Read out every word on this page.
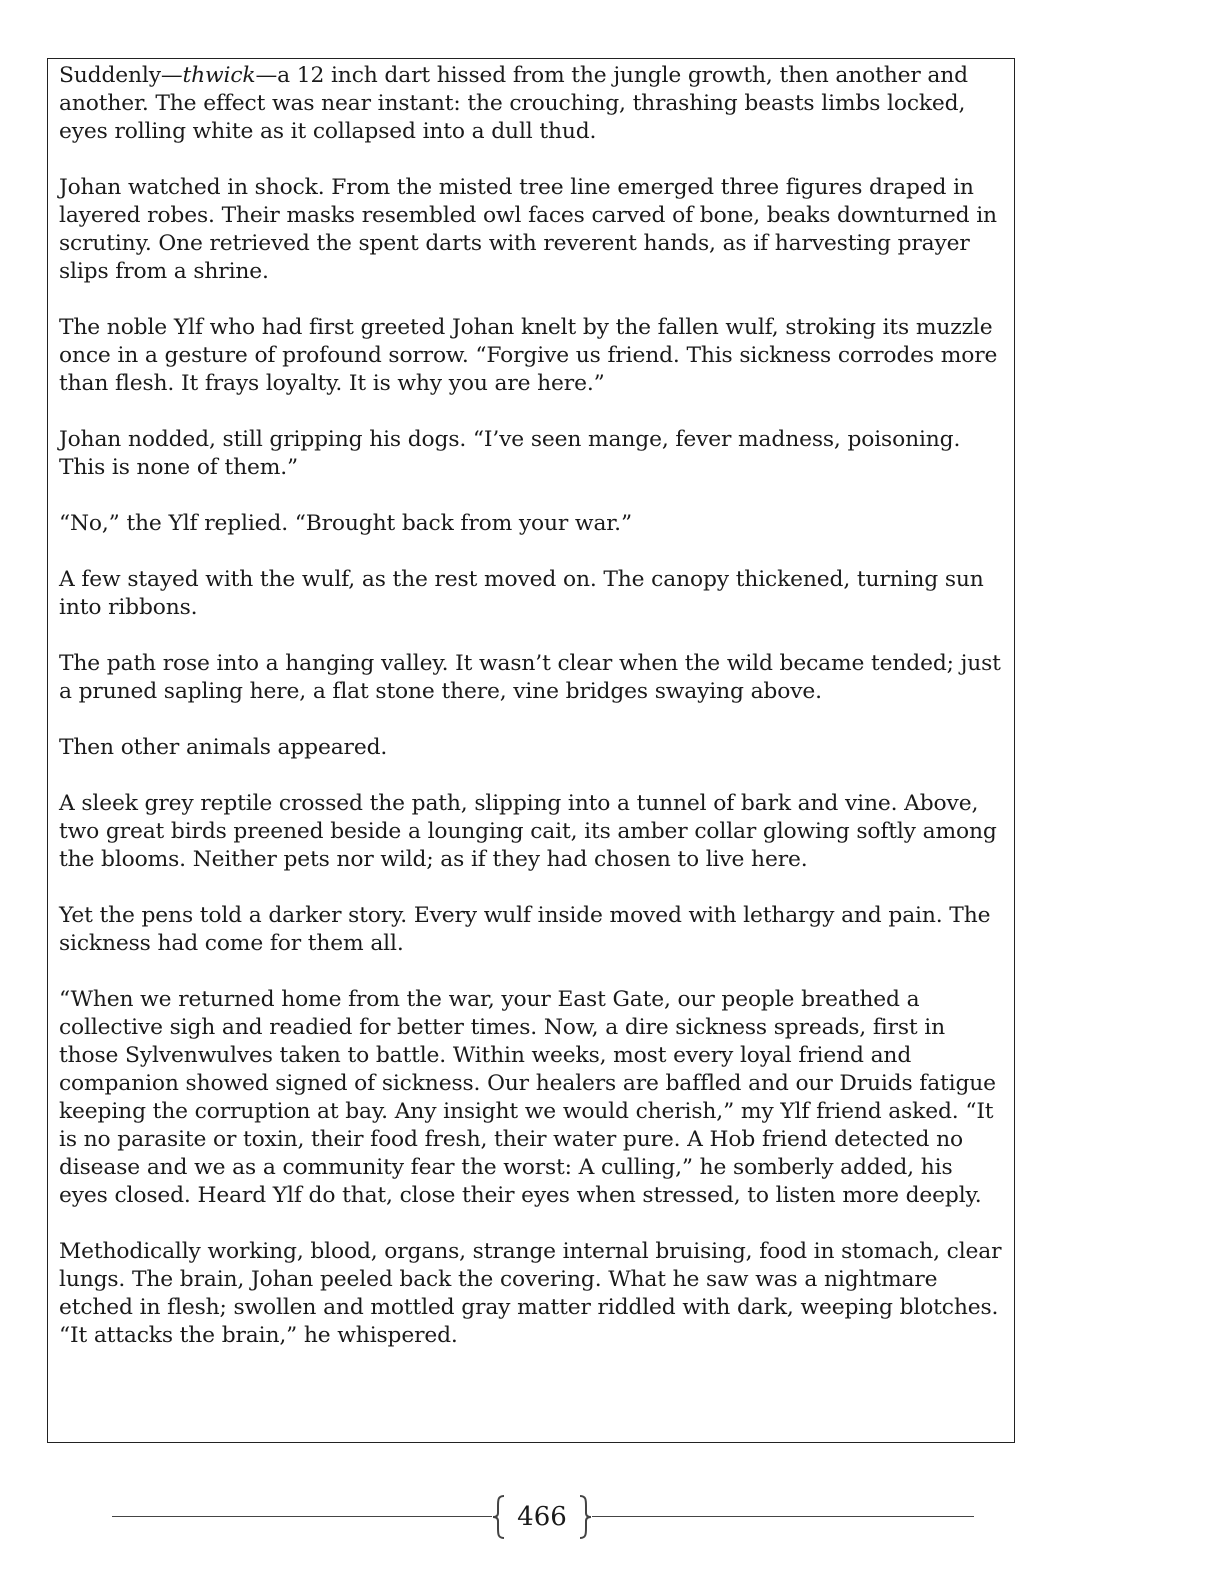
Suddenly—thwick—a 12 inch dart hissed from the jungle growth, then another and another. The effect was near instant: the crouching, thrashing beasts limbs locked, eyes rolling white as it collapsed into a dull thud.

Johan watched in shock. From the misted tree line emerged three figures draped in layered robes. Their masks resembled owl faces carved of bone, beaks downturned in scrutiny. One retrieved the spent darts with reverent hands, as if harvesting prayer slips from a shrine.

The noble Ylf who had first greeted Johan knelt by the fallen wulf, stroking its muzzle once in a gesture of profound sorrow. “Forgive us friend. This sickness corrodes more than flesh. It frays loyalty. It is why you are here.”

Johan nodded, still gripping his dogs. “I’ve seen mange, fever madness, poisoning. This is none of them.”

“No,” the Ylf replied. “Brought back from your war.”

A few stayed with the wulf, as the rest moved on. The canopy thickened, turning sun into ribbons.

The path rose into a hanging valley. It wasn’t clear when the wild became tended; just a pruned sapling here, a flat stone there, vine bridges swaying above.

Then other animals appeared.

A sleek grey reptile crossed the path, slipping into a tunnel of bark and vine. Above, two great birds preened beside a lounging cait, its amber collar glowing softly among the blooms. Neither pets nor wild; as if they had chosen to live here.

Yet the pens told a darker story. Every wulf inside moved with lethargy and pain. The sickness had come for them all.

“When we returned home from the war, your East Gate, our people breathed a collective sigh and readied for better times. Now, a dire sickness spreads, first in those Sylvenwulves taken to battle. Within weeks, most every loyal friend and companion showed signed of sickness. Our healers are baffled and our Druids fatigue keeping the corruption at bay. Any insight we would cherish,” my Ylf friend asked. “It is no parasite or toxin, their food fresh, their water pure. A Hob friend detected no disease and we as a community fear the worst: A culling,” he somberly added, his eyes closed. Heard Ylf do that, close their eyes when stressed, to listen more deeply.

Methodically working, blood, organs, strange internal bruising, food in stomach, clear lungs. The brain, Johan peeled back the covering. What he saw was a nightmare etched in flesh; swollen and mottled gray matter riddled with dark, weeping blotches. “It attacks the brain,” he whispered.

466
